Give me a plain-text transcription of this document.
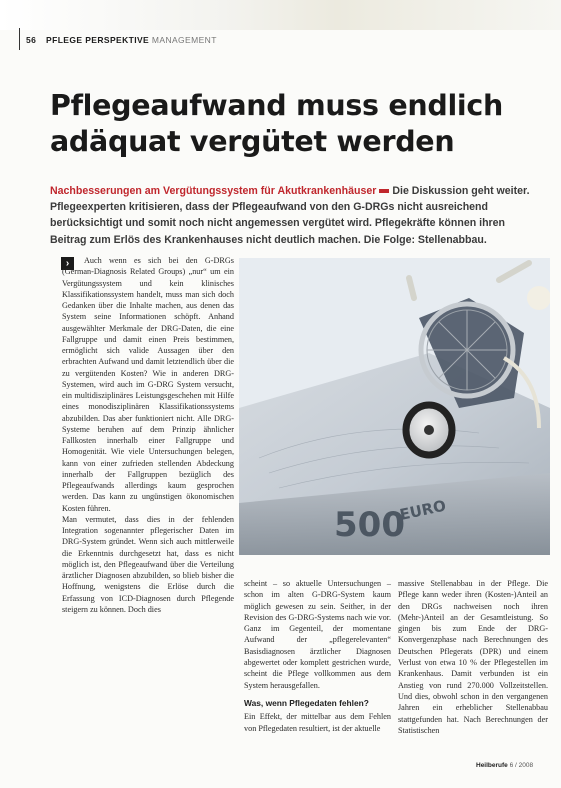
56 PFLEGE PERSPEKTIVE MANAGEMENT
Pflegeaufwand muss endlich
adäquat vergütet werden
Nachbesserungen am Vergütungssystem für Akutkrankenhäuser Die Diskussion geht weiter. Pflegeexperten kritisieren, dass der Pflegeaufwand von den G-DRGs nicht ausreichend berücksichtigt und somit noch nicht angemessen vergütet wird. Pflegekräfte können ihren Beitrag zum Erlös des Krankenhauses nicht deutlich machen. Die Folge: Stellenabbau.
›	Auch wenn es sich bei den G-DRGs (German-Diagnosis Related Groups) „nur“ um ein Vergütungssystem und kein klinisches Klassifikationssystem handelt, muss man sich doch Gedanken über die Inhalte machen, aus denen das System seine Informationen schöpft. Anhand ausgewählter Merkmale der DRG-Daten, die eine Fallgruppe und damit einen Preis bestimmen, ermöglicht sich valide Aussagen über den erbrachten Aufwand und damit letztendlich über die zu vergütenden Kosten? Wie in anderen DRG-Systemen, wird auch im G-DRG System versucht, ein multidisziplinäres Leistungsgeschehen mit Hilfe eines monodisziplinären Klassifikationssystems abzubilden. Das aber funktioniert nicht. Alle DRG-Systeme beruhen auf dem Prinzip ähnlicher Fallkosten innerhalb einer Fallgruppe und Homogenität. Wie viele Untersuchungen belegen, kann von einer zufrieden stellenden Abdeckung innerhalb der Fallgruppen bezüglich des Pflegeaufwands allerdings kaum gesprochen werden. Das kann zu ungünstigen ökonomischen Kosten führen.

Man vermutet, dass dies in der fehlenden Integration sogenannter pflegerischer Daten im DRG-System gründet. Wenn sich auch mittlerweile die Erkenntnis durchgesetzt hat, dass es nicht möglich ist, den Pflegeaufwand über die Verteilung ärztlicher Diagnosen abzubilden, so blieb bisher die Hoffnung, wenigstens die Erlöse durch die Erfassung von ICD-Diagnosen durch Pflegende steigern zu können. Doch dies

500
EURO

scheint – so aktuelle Untersuchungen – schon im alten G-DRG-System kaum möglich gewesen zu sein. Seither, in der Revision des G-DRG-Systems nach wie vor. Ganz im Gegenteil, der momentane Aufwand der „pflegerelevanten“ Basisdiagnosen ärztlicher Diagnosen abgewertet oder komplett gestrichen wurde, scheint die Pflege vollkommen aus dem System herausgefallen.

Was, wenn Pflegedaten fehlen?

Ein Effekt, der mittelbar aus dem Fehlen von Pflegedaten resultiert, ist der aktuelle

massive Stellenabbau in der Pflege. Die Pflege kann weder ihren (Kosten-)Anteil an den DRGs nachweisen noch ihren (Mehr-)Anteil an der Gesamtleistung. So gingen bis zum Ende der DRG-Konvergenzphase nach Berechnungen des Deutschen Pflegerats (DPR) und einem Verlust von etwa 10 % der Pflegestellen im Krankenhaus. Damit verbunden ist ein Anstieg von rund 270.000 Vollzeitstellen. Und dies, obwohl schon in den vergangenen Jahren ein erheblicher Stellenabbau stattgefunden hat. Nach Berechnungen der Statistischen

Heilberufe 6 / 2008
